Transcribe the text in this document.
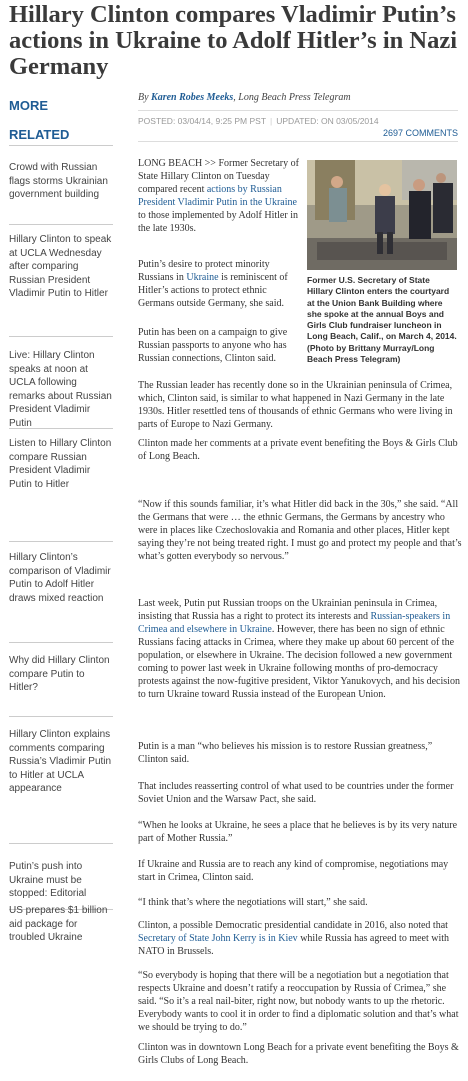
Hillary Clinton compares Vladimir Putin’s actions in Ukraine to Adolf Hitler’s in Nazi Germany
MORE
RELATED
Crowd with Russian flags storms Ukrainian government building
Hillary Clinton to speak at UCLA Wednesday after comparing Russian President Vladimir Putin to Hitler
Live: Hillary Clinton speaks at noon at UCLA following remarks about Russian President Vladimir Putin
Listen to Hillary Clinton compare Russian President Vladimir Putin to Hitler
Hillary Clinton’s comparison of Vladimir Putin to Adolf Hitler draws mixed reaction
Why did Hillary Clinton compare Putin to Hitler?
Hillary Clinton explains comments comparing Russia’s Vladimir Putin to Hitler at UCLA appearance
Putin’s push into Ukraine must be stopped: Editorial
US prepares $1 billion aid package for troubled Ukraine
By Karen Robes Meeks, Long Beach Press Telegram
POSTED: 03/04/14, 9:25 PM PST | UPDATED: ON 03/05/2014
2697 COMMENTS
Former U.S. Secretary of State Hillary Clinton enters the courtyard at the Union Bank Building where she spoke at the annual Boys and Girls Club fundraiser luncheon in Long Beach, Calif., on March 4, 2014. (Photo by Brittany Murray/Long Beach Press Telegram)

LONG BEACH >> Former Secretary of State Hillary Clinton on Tuesday compared recent actions by Russian President Vladimir Putin in the Ukraine to those implemented by Adolf Hitler in the late 1930s.

Putin’s desire to protect minority Russians in Ukraine is reminiscent of Hitler’s actions to protect ethnic Germans outside Germany, she said.

Putin has been on a campaign to give Russian passports to anyone who has Russian connections, Clinton said.

The Russian leader has recently done so in the Ukrainian peninsula of Crimea, which, Clinton said, is similar to what happened in Nazi Germany in the late 1930s. Hitler resettled tens of thousands of ethnic Germans who were living in parts of Europe to Nazi Germany.

Clinton made her comments at a private event benefiting the Boys & Girls Club of Long Beach.

“Now if this sounds familiar, it’s what Hitler did back in the 30s,” she said. “All the Germans that were … the ethnic Germans, the Germans by ancestry who were in places like Czechoslovakia and Romania and other places, Hitler kept saying they’re not being treated right. I must go and protect my people and that’s what’s gotten everybody so nervous.”

Last week, Putin put Russian troops on the Ukrainian peninsula in Crimea, insisting that Russia has a right to protect its interests and Russian-speakers in Crimea and elsewhere in Ukraine. However, there has been no sign of ethnic Russians facing attacks in Crimea, where they make up about 60 percent of the population, or elsewhere in Ukraine. The decision followed a new government coming to power last week in Ukraine following months of pro-democracy protests against the now-fugitive president, Viktor Yanukovych, and his decision to turn Ukraine toward Russia instead of the European Union.

Putin is a man “who believes his mission is to restore Russian greatness,” Clinton said.

That includes reasserting control of what used to be countries under the former Soviet Union and the Warsaw Pact, she said.

“When he looks at Ukraine, he sees a place that he believes is by its very nature part of Mother Russia.”

If Ukraine and Russia are to reach any kind of compromise, negotiations may start in Crimea, Clinton said.

“I think that’s where the negotiations will start,” she said.

Clinton, a possible Democratic presidential candidate in 2016, also noted that Secretary of State John Kerry is in Kiev while Russia has agreed to meet with NATO in Brussels.

“So everybody is hoping that there will be a negotiation but a negotiation that respects Ukraine and doesn’t ratify a reoccupation by Russia of Crimea,” she said. “So it’s a real nail-biter, right now, but nobody wants to up the rhetoric. Everybody wants to cool it in order to find a diplomatic solution and that’s what we should be trying to do.”

Clinton was in downtown Long Beach for a private event benefiting the Boys & Girls Clubs of Long Beach.
